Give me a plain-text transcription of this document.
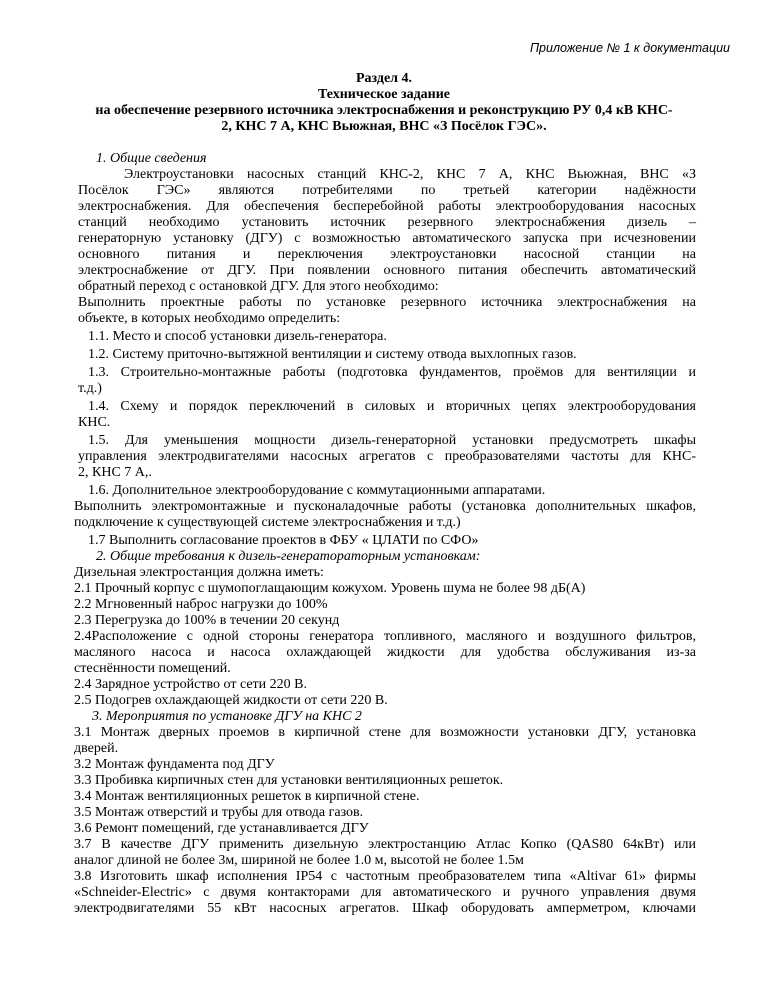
Приложение № 1 к документации
Раздел 4.
Техническое задание
на обеспечение резервного источника электроснабжения и реконструкцию РУ 0,4 кВ КНС-
2, КНС 7 А, КНС Вьюжная, ВНС «З Посёлок ГЭС».
1. Общие сведения
Электроустановки насосных станций КНС-2, КНС 7 А, КНС Вьюжная, ВНС «З
Посёлок ГЭС» являются потребителями по третьей категории надёжности
электроснабжения. Для обеспечения бесперебойной работы электрооборудования насосных
станций необходимо установить источник резервного электроснабжения дизель –
генераторную установку (ДГУ) с возможностью автоматического запуска при исчезновении
основного питания и переключения электроустановки насосной станции на
электроснабжение от ДГУ. При появлении основного питания обеспечить автоматический
обратный переход с остановкой ДГУ. Для этого необходимо:
Выполнить проектные работы по установке резервного источника электроснабжения на
объекте, в которых необходимо определить:
1.1. Место и способ установки дизель-генератора.
1.2. Систему приточно-вытяжной вентиляции и систему отвода выхлопных газов.
1.3. Строительно-монтажные работы (подготовка фундаментов, проёмов для вентиляции и
т.д.)
1.4. Схему и порядок переключений в силовых и вторичных цепях электрооборудования
КНС.
1.5. Для уменьшения мощности дизель-генераторной установки предусмотреть шкафы
управления электродвигателями насосных агрегатов с преобразователями частоты для КНС-
2, КНС 7 А,.
1.6. Дополнительное электрооборудование с коммутационными аппаратами.
Выполнить электромонтажные и пусконаладочные работы (установка дополнительных шкафов,
подключение к существующей системе электроснабжения и т.д.)
1.7 Выполнить согласование проектов в ФБУ « ЦЛАТИ по СФО»
2. Общие требования к дизель-генератораторным установкам:
Дизельная электростанция должна иметь:
2.1 Прочный корпус с шумопоглащающим кожухом. Уровень шума не более 98 дБ(А)
2.2 Мгновенный наброс нагрузки до 100%
2.3 Перегрузка до 100% в течении 20 секунд
2.4Расположение с одной стороны генератора топливного, масляного и воздушного фильтров,
масляного насоса и насоса охлаждающей жидкости для удобства обслуживания из-за
стеснённости помещений.
2.4 Зарядное устройство от сети 220 В.
2.5 Подогрев охлаждающей жидкости от сети 220 В.
3. Мероприятия по установке ДГУ на КНС 2
3.1 Монтаж дверных проемов в кирпичной стене для возможности установки ДГУ, установка
дверей.
3.2 Монтаж фундамента под ДГУ
3.3 Пробивка кирпичных стен для установки вентиляционных решеток.
3.4 Монтаж вентиляционных решеток в кирпичной стене.
3.5 Монтаж отверстий и трубы для отвода газов.
3.6 Ремонт помещений, где устанавливается ДГУ
3.7 В качестве ДГУ применить дизельную электростанцию Атлас Копко (QAS80 64кВт) или
аналог длиной не более 3м, шириной не более 1.0 м, высотой не более 1.5м
3.8 Изготовить шкаф исполнения IP54 с частотным преобразователем типа «Altivar 61» фирмы
«Schneider-Electric» с двумя контакторами для автоматического и ручного управления двумя
электродвигателями 55 кВт насосных агрегатов. Шкаф оборудовать амперметром, ключами
